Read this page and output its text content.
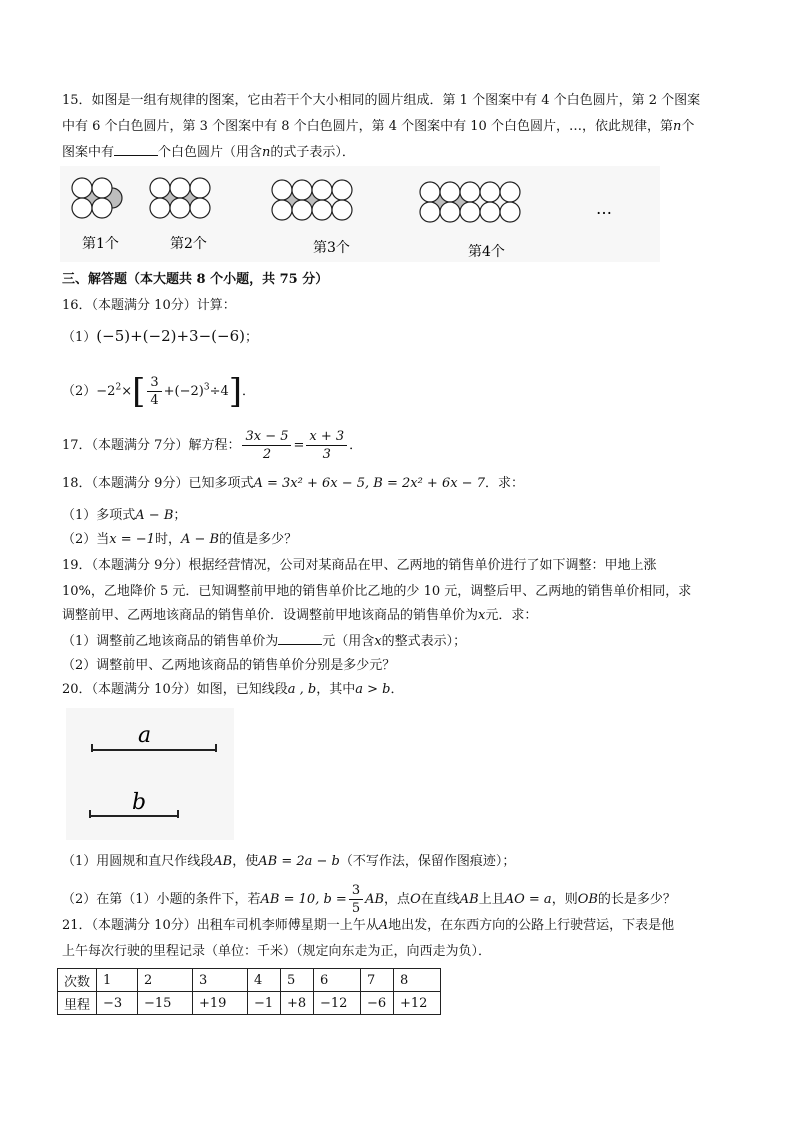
15．如图是一组有规律的图案，它由若干个大小相同的圆片组成．第 1 个图案中有 4 个白色圆片，第 2 个图案
中有 6 个白色圆片，第 3 个图案中有 8 个白色圆片，第 4 个图案中有 10 个白色圆片，…，依此规律，第n个
图案中有	个白色圆片（用含n的式子表示）．
第1个	第2个	第3个	第4个
…
三、解答题（本大题共 8 个小题，共 75 分）
16．（本题满分 10分）计算：
（1）(−5)+(−2)+3−(−6)；
$(2)-2^2\times[ \frac{3}{4} +(-2)^3\div 4]$．
17．（本题满分 7分）解方程： $\frac{3x - 5}{2} = \frac{x + 3}{3}$ ．
18．（本题满分 9分）已知多项式A = 3x² + 6x − 5, B = 2x² + 6x − 7．求：
（1）多项式A − B；
（2）当x = −1时，A − B的值是多少？
19．（本题满分 9分）根据经营情况，公司对某商品在甲、乙两地的销售单价进行了如下调整：甲地上涨
10%，乙地降价 5 元．已知调整前甲地的销售单价比乙地的少 10 元，调整后甲、乙两地的销售单价相同，求
调整前甲、乙两地该商品的销售单价．设调整前甲地该商品的销售单价为x元．求：
（1）调整前乙地该商品的销售单价为	元（用含x的整式表示）；
（2）调整前甲、乙两地该商品的销售单价分别是多少元？
20．（本题满分 10分）如图，已知线段a , b，其中a > b．
a
b
（1）用圆规和直尺作线段AB，使AB = 2a − b（不写作法，保留作图痕迹）；
（2）在第（1）小题的条件下，若AB = 10, $b = \frac{3}{5}$ AB，点O在直线AB上且AO = a，则OB的长是多少？
21．（本题满分 10分）出租车司机李师傅星期一上午从A地出发，在东西方向的公路上行驶营运，下表是他
上午每次行驶的里程记录（单位：千米）（规定向东走为正，向西走为负）．
次数	1	2	3	4	5	6	7	8
里程	−3	−15	+19	−1	+8	−12	−6	+12
